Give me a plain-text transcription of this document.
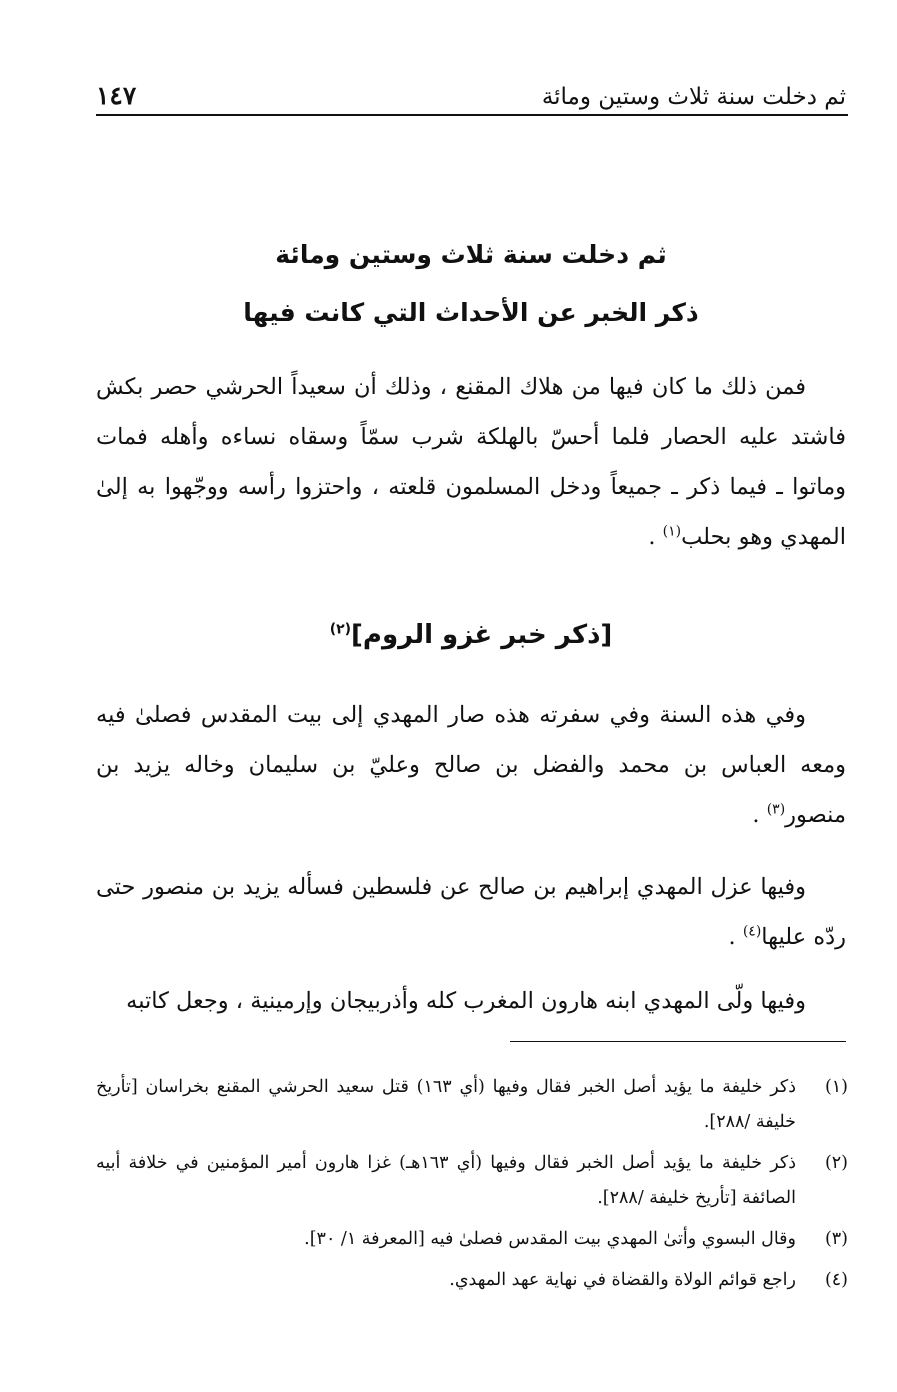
١٤٧	ثم دخلت سنة ثلاث وستين ومائة
ثم دخلت سنة ثلاث وستين ومائة
ذكر الخبر عن الأحداث التي كانت فيها

فمن ذلك ما كان فيها من هلاك المقنع ، وذلك أن سعيداً الحرشي حصر بكش فاشتد عليه الحصار فلما أحسّ بالهلكة شرب سمّاً وسقاه نساءه وأهله فمات وماتوا ـ فيما ذكر ـ جميعاً ودخل المسلمون قلعته ، واحتزوا رأسه ووجّهوا به إلىٰ المهدي وهو بحلب$^{(١)}$ .

[ذكر خبر غزو الروم]$^{(٢)}$

وفي هذه السنة وفي سفرته هذه صار المهدي إلى بيت المقدس فصلىٰ فيه ومعه العباس بن محمد والفضل بن صالح وعليّ بن سليمان وخاله يزيد بن منصور$^{(٣)}$ .

وفيها عزل المهدي إبراهيم بن صالح عن فلسطين فسأله يزيد بن منصور حتى ردّه عليها$^{(٤)}$ .

وفيها ولّى المهدي ابنه هارون المغرب كله وأذربيجان وإرمينية ، وجعل كاتبه

(١)
ذكر خليفة ما يؤيد أصل الخبر فقال وفيها (أي ١٦٣) قتل سعيد الحرشي المقنع بخراسان [تأريخ خليفة /٢٨٨].
(٢)
ذكر خليفة ما يؤيد أصل الخبر فقال وفيها (أي ١٦٣هـ) غزا هارون أمير المؤمنين في خلافة أبيه الصائفة [تأريخ خليفة /٢٨٨].
(٣)
وقال البسوي وأتىٰ المهدي بيت المقدس فصلىٰ فيه [المعرفة ١/ ٣٠].
(٤)
راجع قوائم الولاة والقضاة في نهاية عهد المهدي.
